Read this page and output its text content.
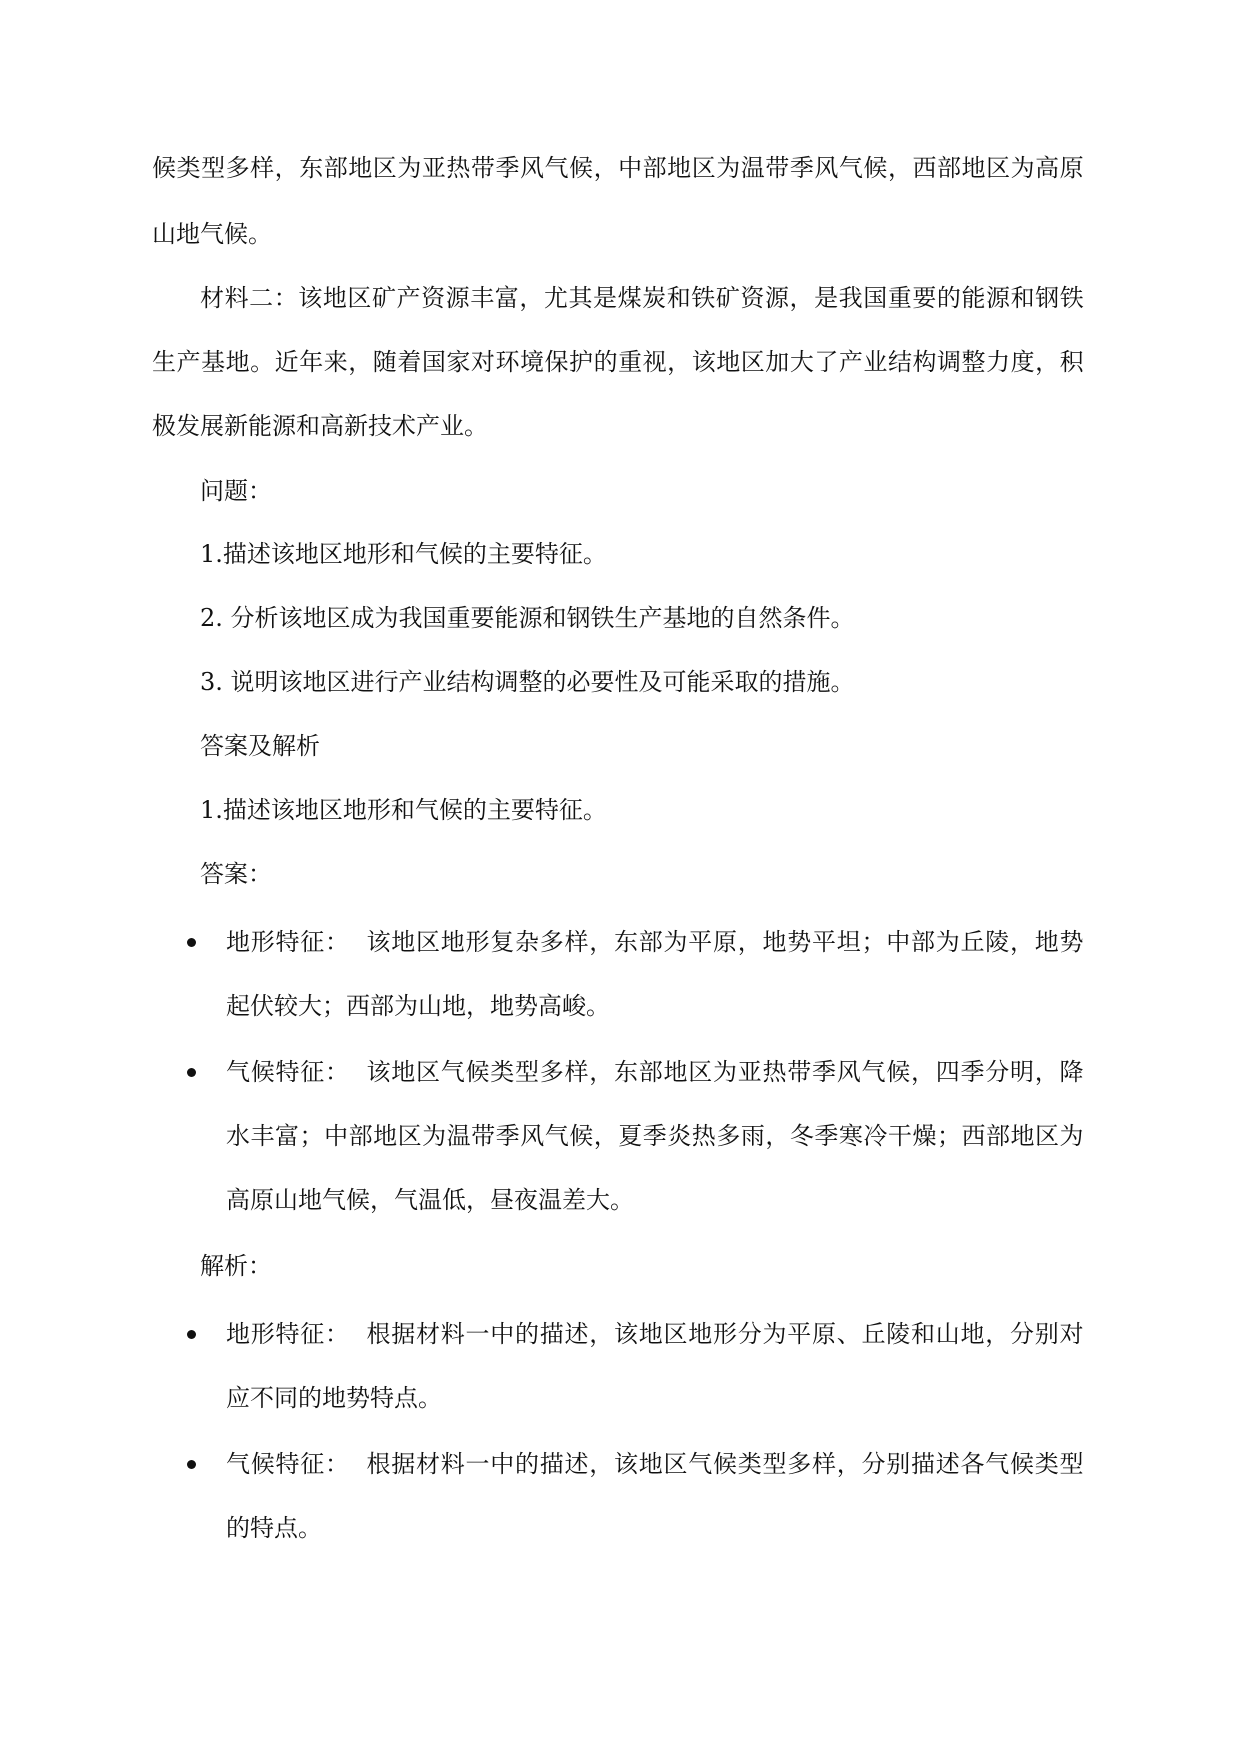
候 类 型 多 样 ， 东 部 地 区 为 亚 热 带 季 风 气 候 ， 中 部 地 区 为 温 带 季 风 气 候 ， 西 部 地 区 为 高 原
山地气候。
材 料 二 ： 该 地 区 矿 产 资 源 丰 富 ， 尤 其 是 煤 炭 和 铁 矿 资 源 ， 是 我 国 重 要 的 能 源 和 钢 铁
生 产 基 地 。 近 年 来 ， 随 着 国 家 对 环 境 保 护 的 重 视 ， 该 地 区 加 大 了 产 业 结 构 调 整 力 度 ， 积
极发展新能源和高新技术产业。
问题：
1.描述该地区地形和气候的主要特征。
2. 分析该地区成为我国重要能源和钢铁生产基地的自然条件。
3. 说明该地区进行产业结构调整的必要性及可能采取的措施。
答案及解析
1.描述该地区地形和气候的主要特征。
答案：
地 形 特 征 ：

该 地 区 地 形 复 杂 多 样 ， 东 部 为 平 原 ， 地 势 平 坦 ； 中 部 为 丘 陵 ， 地 势
起伏较大；西部为山地，地势高峻。
气 候 特 征 ：

该 地 区 气 候 类 型 多 样 ， 东 部 地 区 为 亚 热 带 季 风 气 候 ， 四 季 分 明 ， 降
水 丰 富 ； 中 部 地 区 为 温 带 季 风 气 候 ， 夏 季 炎 热 多 雨 ， 冬 季 寒 冷 干 燥 ； 西 部 地 区 为
高原山地气候，气温低，昼夜温差大。
解析：
地 形 特 征 ：

根 据 材 料 一 中 的 描 述 ， 该 地 区 地 形 分 为 平 原 、 丘 陵 和 山 地 ， 分 别 对
应不同的地势特点。
气 候 特 征 ：

根 据 材 料 一 中 的 描 述 ， 该 地 区 气 候 类 型 多 样 ， 分 别 描 述 各 气 候 类 型
的特点。
